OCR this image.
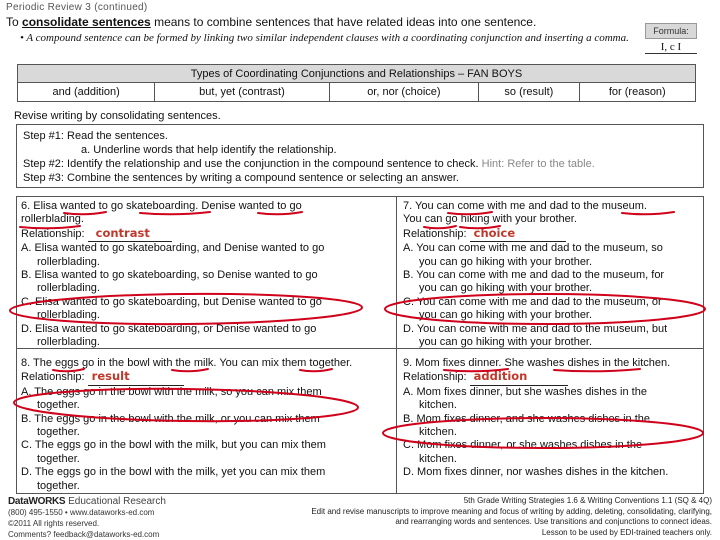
Periodic Review 3 (continued)
To consolidate sentences means to combine sentences that have related ideas into one sentence.
• A compound sentence can be formed by linking two similar independent clauses with a coordinating conjunction and inserting a comma.
Formula:
I, c I
Types of Coordinating Conjunctions and Relationships – FAN BOYS
and (addition)	but, yet (contrast)	or, nor (choice)	so (result)	for (reason)
Revise writing by consolidating sentences.
Step #1: Read the sentences.
a. Underline words that help identify the relationship.
Step #2: Identify the relationship and use the conjunction in the compound sentence to check. Hint: Refer to the table.
Step #3: Combine the sentences by writing a compound sentence or selecting an answer.
6. Elisa wanted to go skateboarding. Denise wanted to go
rollerblading.
Relationship: contrast
A. Elisa wanted to go skateboarding, and Denise wanted to go
rollerblading.
B. Elisa wanted to go skateboarding, so Denise wanted to go
rollerblading.
C. Elisa wanted to go skateboarding, but Denise wanted to go
rollerblading.
D. Elisa wanted to go skateboarding, or Denise wanted to go
rollerblading.
7. You can come with me and dad to the museum.
You can go hiking with your brother.
Relationship: choice
A. You can come with me and dad to the museum, so
you can go hiking with your brother.
B. You can come with me and dad to the museum, for
you can go hiking with your brother.
C. You can come with me and dad to the museum, or
you can go hiking with your brother.
D. You can come with me and dad to the museum, but
you can go hiking with your brother.
8. The eggs go in the bowl with the milk. You can mix them together.
Relationship: result
A. The eggs go in the bowl with the milk, so you can mix them
together.
B. The eggs go in the bowl with the milk, or you can mix them
together.
C. The eggs go in the bowl with the milk, but you can mix them
together.
D. The eggs go in the bowl with the milk, yet you can mix them
together.
9. Mom fixes dinner. She washes dishes in the kitchen.
Relationship: addition
A. Mom fixes dinner, but she washes dishes in the
kitchen.
B. Mom fixes dinner, and she washes dishes in the
kitchen.
C. Mom fixes dinner, or she washes dishes in the
kitchen.
D. Mom fixes dinner, nor washes dishes in the kitchen.
DataWORKS Educational Research
(800) 495-1550 • www.dataworks-ed.com
©2011 All rights reserved.
Comments? feedback@dataworks-ed.com
5th Grade Writing Strategies 1.6 & Writing Conventions 1.1 (SQ & 4Q)
Edit and revise manuscripts to improve meaning and focus of writing by adding, deleting, consolidating, clarifying,
and rearranging words and sentences. Use transitions and conjunctions to connect ideas.
Lesson to be used by EDI-trained teachers only.
